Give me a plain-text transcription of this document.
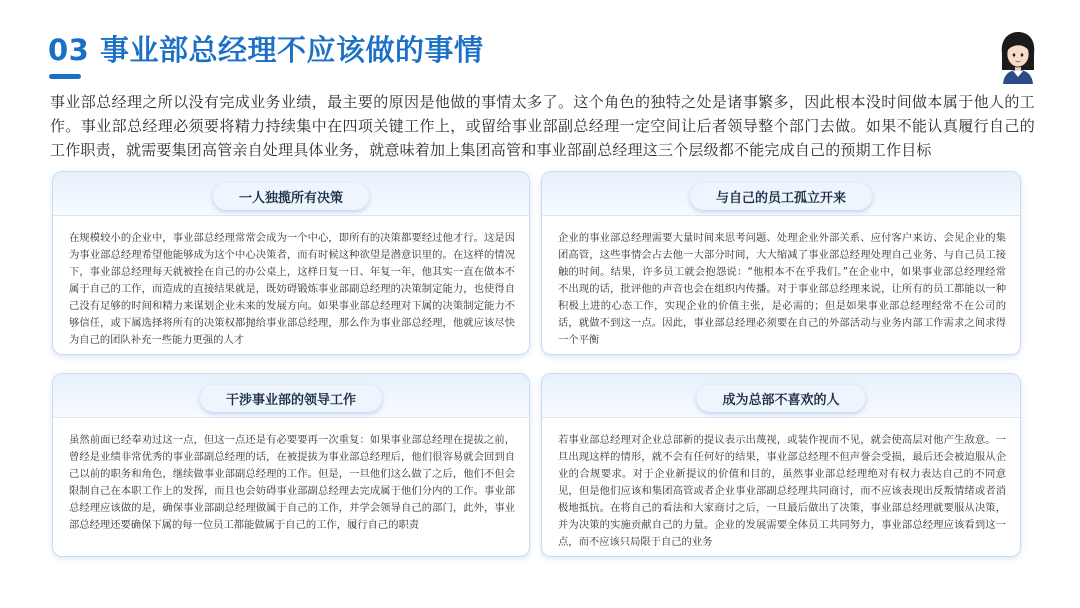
03 事业部总经理不应该做的事情
事业部总经理之所以没有完成业务业绩，最主要的原因是他做的事情太多了。这个角色的独特之处是诸事繁多，因此根本没时间做本属于他人的工作。事业部总经理必须要将精力持续集中在四项关键工作上，或留给事业部副总经理一定空间让后者领导整个部门去做。如果不能认真履行自己的工作职责，就需要集团高管亲自处理具体业务，就意味着加上集团高管和事业部副总经理这三个层级都不能完成自己的预期工作目标
一人独揽所有决策
在规模较小的企业中，事业部总经理常常会成为一个中心，即所有的决策都要经过他才行。这是因为事业部总经理希望他能够成为这个中心决策者，而有时候这种欲望是潜意识里的。在这样的情况下，事业部总经理每天就被拴在自己的办公桌上，这样日复一日、年复一年，他其实一直在做本不属于自己的工作，而造成的直接结果就是，既妨碍锻炼事业部副总经理的决策制定能力，也使得自己没有足够的时间和精力来谋划企业未来的发展方向。如果事业部总经理对下属的决策制定能力不够信任，或下属选择将所有的决策权都抛给事业部总经理，那么作为事业部总经理，他就应该尽快为自己的团队补充一些能力更强的人才
与自己的员工孤立开来
企业的事业部总经理需要大量时间来思考问题、处理企业外部关系、应付客户来访、会见企业的集团高管，这些事情会占去他一大部分时间，大大缩减了事业部总经理处理自己业务、与自己员工接触的时间。结果，许多员工就会抱怨说：“他根本不在乎我们。”在企业中，如果事业部总经理经常不出现的话，批评他的声音也会在组织内传播。对于事业部总经理来说，让所有的员工都能以一种积极上进的心态工作，实现企业的价值主张，是必需的；但是如果事业部总经理经常不在公司的话，就做不到这一点。因此，事业部总经理必须要在自己的外部活动与业务内部工作需求之间求得一个平衡
干涉事业部的领导工作
虽然前面已经奉劝过这一点，但这一点还是有必要要再一次重复：如果事业部总经理在提拔之前，曾经是业绩非常优秀的事业部副总经理的话，在被提拔为事业部总经理后，他们很容易就会回到自己以前的职务和角色，继续做事业部副总经理的工作。但是，一旦他们这么做了之后，他们不但会限制自己在本职工作上的发挥，而且也会妨碍事业部副总经理去完成属于他们分内的工作。事业部总经理应该做的是，确保事业部副总经理做属于自己的工作，并学会领导自己的部门，此外，事业部总经理还要确保下属的每一位员工都能做属于自己的工作，履行自己的职责
成为总部不喜欢的人
若事业部总经理对企业总部新的提议表示出蔑视，或装作视而不见，就会使高层对他产生敌意。一旦出现这样的情形，就不会有任何好的结果，事业部总经理不但声誉会受损，最后还会被迫服从企业的合规要求。对于企业新提议的价值和目的，虽然事业部总经理绝对有权力表达自己的不同意见，但是他们应该和集团高管或者企业事业部副总经理共同商讨，而不应该表现出反叛情绪或者消极地抵抗。在将自己的看法和大家商讨之后，一旦最后做出了决策，事业部总经理就要服从决策，并为决策的实施贡献自己的力量。企业的发展需要全体员工共同努力，事业部总经理应该看到这一点，而不应该只局限于自己的业务
